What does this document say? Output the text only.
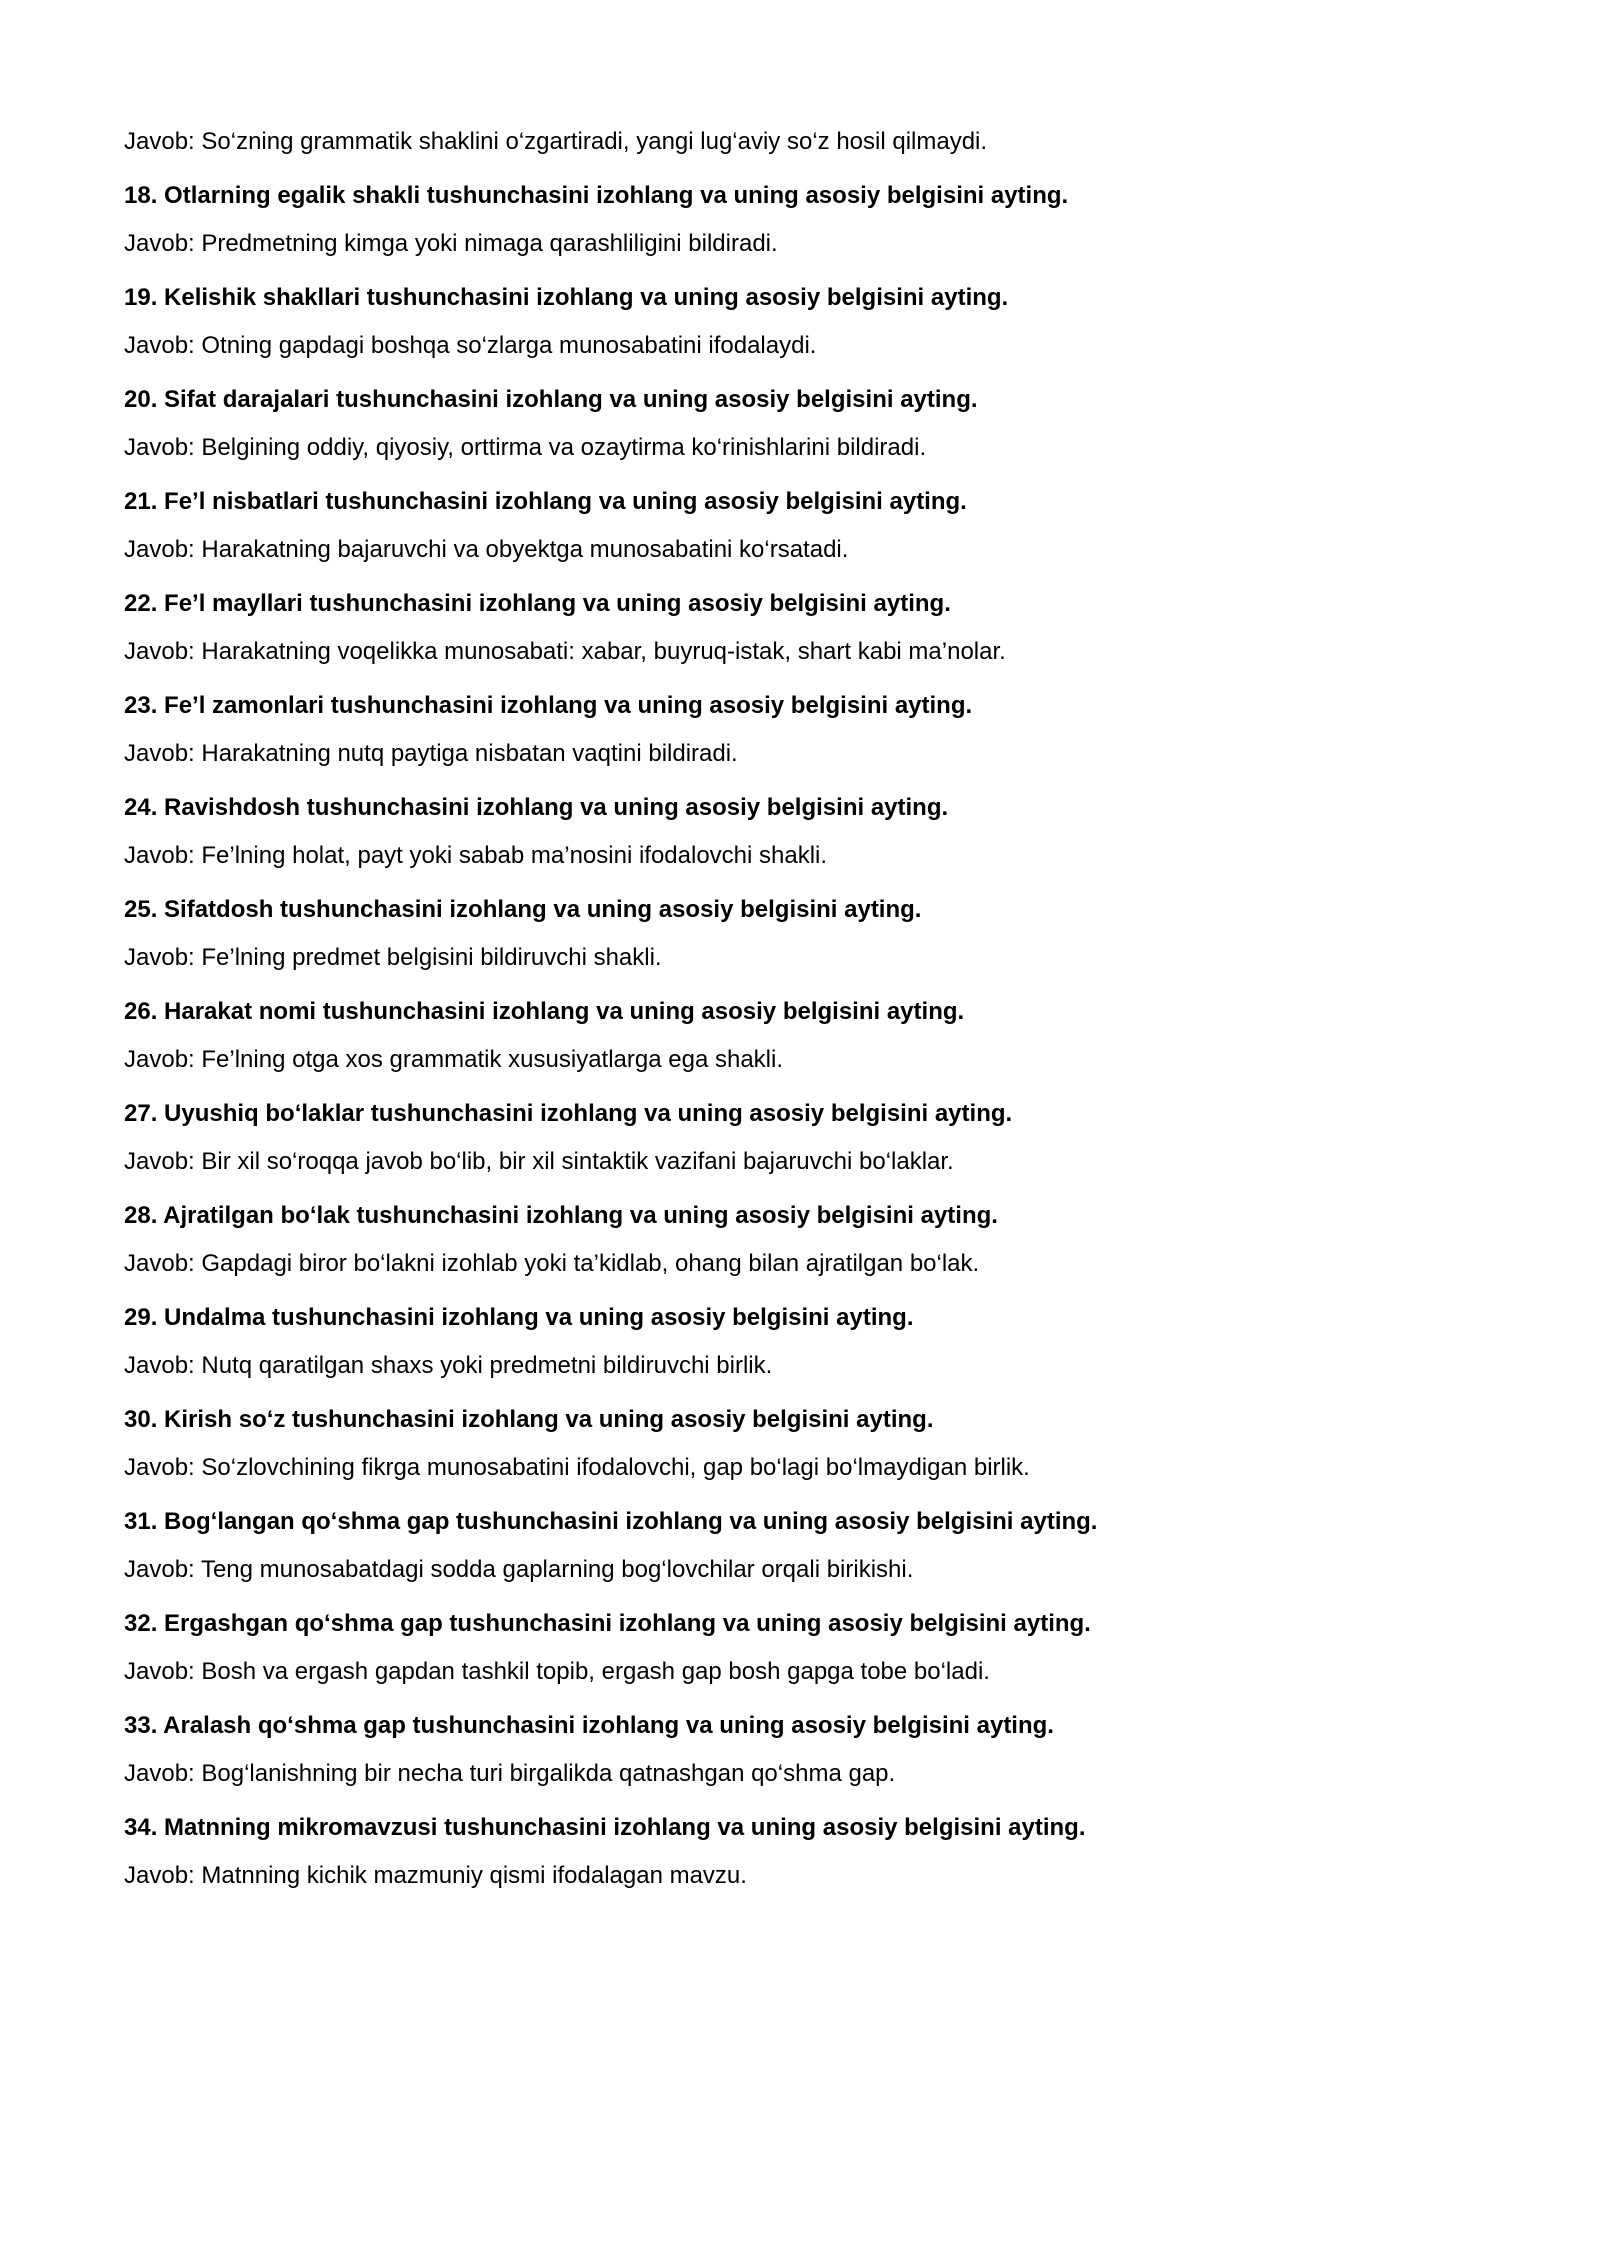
Javob: So‘zning grammatik shaklini o‘zgartiradi, yangi lug‘aviy so‘z hosil qilmaydi.

18. Otlarning egalik shakli tushunchasini izohlang va uning asosiy belgisini ayting.

Javob: Predmetning kimga yoki nimaga qarashliligini bildiradi.

19. Kelishik shakllari tushunchasini izohlang va uning asosiy belgisini ayting.

Javob: Otning gapdagi boshqa so‘zlarga munosabatini ifodalaydi.

20. Sifat darajalari tushunchasini izohlang va uning asosiy belgisini ayting.

Javob: Belgining oddiy, qiyosiy, orttirma va ozaytirma ko‘rinishlarini bildiradi.

21. Fe’l nisbatlari tushunchasini izohlang va uning asosiy belgisini ayting.

Javob: Harakatning bajaruvchi va obyektga munosabatini ko‘rsatadi.

22. Fe’l mayllari tushunchasini izohlang va uning asosiy belgisini ayting.

Javob: Harakatning voqelikka munosabati: xabar, buyruq-istak, shart kabi ma’nolar.

23. Fe’l zamonlari tushunchasini izohlang va uning asosiy belgisini ayting.

Javob: Harakatning nutq paytiga nisbatan vaqtini bildiradi.

24. Ravishdosh tushunchasini izohlang va uning asosiy belgisini ayting.

Javob: Fe’lning holat, payt yoki sabab ma’nosini ifodalovchi shakli.

25. Sifatdosh tushunchasini izohlang va uning asosiy belgisini ayting.

Javob: Fe’lning predmet belgisini bildiruvchi shakli.

26. Harakat nomi tushunchasini izohlang va uning asosiy belgisini ayting.

Javob: Fe’lning otga xos grammatik xususiyatlarga ega shakli.

27. Uyushiq bo‘laklar tushunchasini izohlang va uning asosiy belgisini ayting.

Javob: Bir xil so‘roqqa javob bo‘lib, bir xil sintaktik vazifani bajaruvchi bo‘laklar.

28. Ajratilgan bo‘lak tushunchasini izohlang va uning asosiy belgisini ayting.

Javob: Gapdagi biror bo‘lakni izohlab yoki ta’kidlab, ohang bilan ajratilgan bo‘lak.

29. Undalma tushunchasini izohlang va uning asosiy belgisini ayting.

Javob: Nutq qaratilgan shaxs yoki predmetni bildiruvchi birlik.

30. Kirish so‘z tushunchasini izohlang va uning asosiy belgisini ayting.

Javob: So‘zlovchining fikrga munosabatini ifodalovchi, gap bo‘lagi bo‘lmaydigan birlik.

31. Bog‘langan qo‘shma gap tushunchasini izohlang va uning asosiy belgisini ayting.

Javob: Teng munosabatdagi sodda gaplarning bog‘lovchilar orqali birikishi.

32. Ergashgan qo‘shma gap tushunchasini izohlang va uning asosiy belgisini ayting.

Javob: Bosh va ergash gapdan tashkil topib, ergash gap bosh gapga tobe bo‘ladi.

33. Aralash qo‘shma gap tushunchasini izohlang va uning asosiy belgisini ayting.

Javob: Bog‘lanishning bir necha turi birgalikda qatnashgan qo‘shma gap.

34. Matnning mikromavzusi tushunchasini izohlang va uning asosiy belgisini ayting.

Javob: Matnning kichik mazmuniy qismi ifodalagan mavzu.
